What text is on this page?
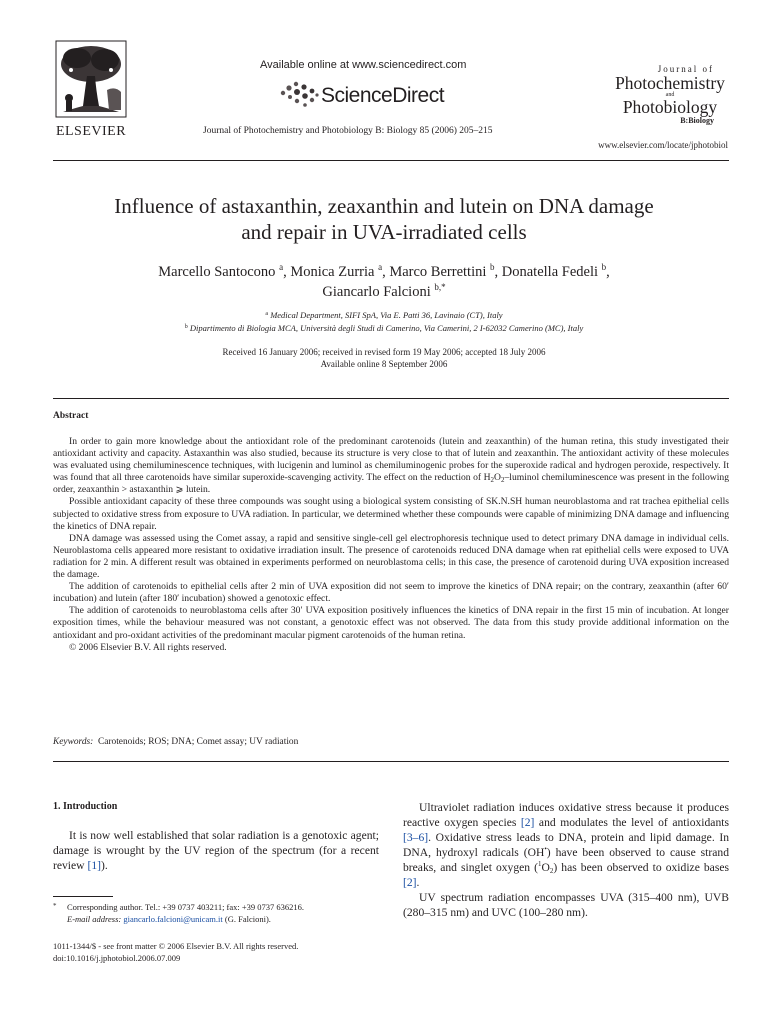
ELSEVIER
Available online at www.sciencedirect.com
ScienceDirect
Journal of Photochemistry and Photobiology B: Biology 85 (2006) 205–215
Journal of
Photochemistry
and
Photobiology
B:Biology
www.elsevier.com/locate/jphotobiol
Influence of astaxanthin, zeaxanthin and lutein on DNA damage
and repair in UVA-irradiated cells
Marcello Santocono $^a$, Monica Zurria $^a$, Marco Berrettini $^b$, Donatella Fedeli $^b$,
Giancarlo Falcioni $^{b,*}$
$^a$ Medical Department, SIFI SpA, Via E. Patti 36, Lavinaio (CT), Italy
$^b$ Dipartimento di Biologia MCA, Università degli Studi di Camerino, Via Camerini, 2 I-62032 Camerino (MC), Italy
Received 16 January 2006; received in revised form 19 May 2006; accepted 18 July 2006
Available online 8 September 2006
Abstract

In order to gain more knowledge about the antioxidant role of the predominant carotenoids (lutein and zeaxanthin) of the human retina, this study investigated their antioxidant activity and capacity. Astaxanthin was also studied, because its structure is very close to that of lutein and zeaxanthin. The antioxidant activity of these molecules was evaluated using chemiluminescence techniques, with lucigenin and luminol as chemiluminogenic probes for the superoxide radical and hydrogen peroxide, respectively. It was found that all three carotenoids have similar superoxide-scavenging activity. The effect on the reduction of $H_2O_2$–luminol chemiluminescence was present in the following order, zeaxanthin > astaxanthin ⩾ lutein.

Possible antioxidant capacity of these three compounds was sought using a biological system consisting of SK.N.SH human neuroblastoma and rat trachea epithelial cells subjected to oxidative stress from exposure to UVA radiation. In particular, we determined whether these compounds were capable of minimizing DNA damage and influencing the kinetics of DNA repair.

DNA damage was assessed using the Comet assay, a rapid and sensitive single-cell gel electrophoresis technique used to detect primary DNA damage in individual cells. Neuroblastoma cells appeared more resistant to oxidative irradiation insult. The presence of carotenoids reduced DNA damage when rat epithelial cells were exposed to UVA radiation for 2 min. A different result was obtained in experiments performed on neuroblastoma cells; in this case, the presence of carotenoid during UVA exposition increased the damage.

The addition of carotenoids to epithelial cells after 2 min of UVA exposition did not seem to improve the kinetics of DNA repair; on the contrary, zeaxanthin (after 60′ incubation) and lutein (after 180′ incubation) showed a genotoxic effect.

The addition of carotenoids to neuroblastoma cells after 30′ UVA exposition positively influences the kinetics of DNA repair in the first 15 min of incubation. At longer exposition times, while the behaviour measured was not constant, a genotoxic effect was not observed. The data from this study provide additional information on the antioxidant and pro-oxidant activities of the predominant macular pigment carotenoids of the human retina.

© 2006 Elsevier B.V. All rights reserved.

Keywords: Carotenoids; ROS; DNA; Comet assay; UV radiation
1. Introduction
It is now well established that solar radiation is a genotoxic agent; damage is wrought by the UV region of the spectrum (for a recent review [1]).
* Corresponding author. Tel.: +39 0737 403211; fax: +39 0737 636216.
E-mail address: giancarlo.falcioni@unicam.it (G. Falcioni).
1011-1344/$ - see front matter © 2006 Elsevier B.V. All rights reserved.
doi:10.1016/j.jphotobiol.2006.07.009

Ultraviolet radiation induces oxidative stress because it produces reactive oxygen species [2] and modulates the level of antioxidants [3–6]. Oxidative stress leads to DNA, protein and lipid damage. In DNA, hydroxyl radicals (OH•) have been observed to cause strand breaks, and singlet oxygen $(^1O_2)$ has been observed to oxidize bases [2].

UV spectrum radiation encompasses UVA (315–400 nm), UVB (280–315 nm) and UVC (100–280 nm).
